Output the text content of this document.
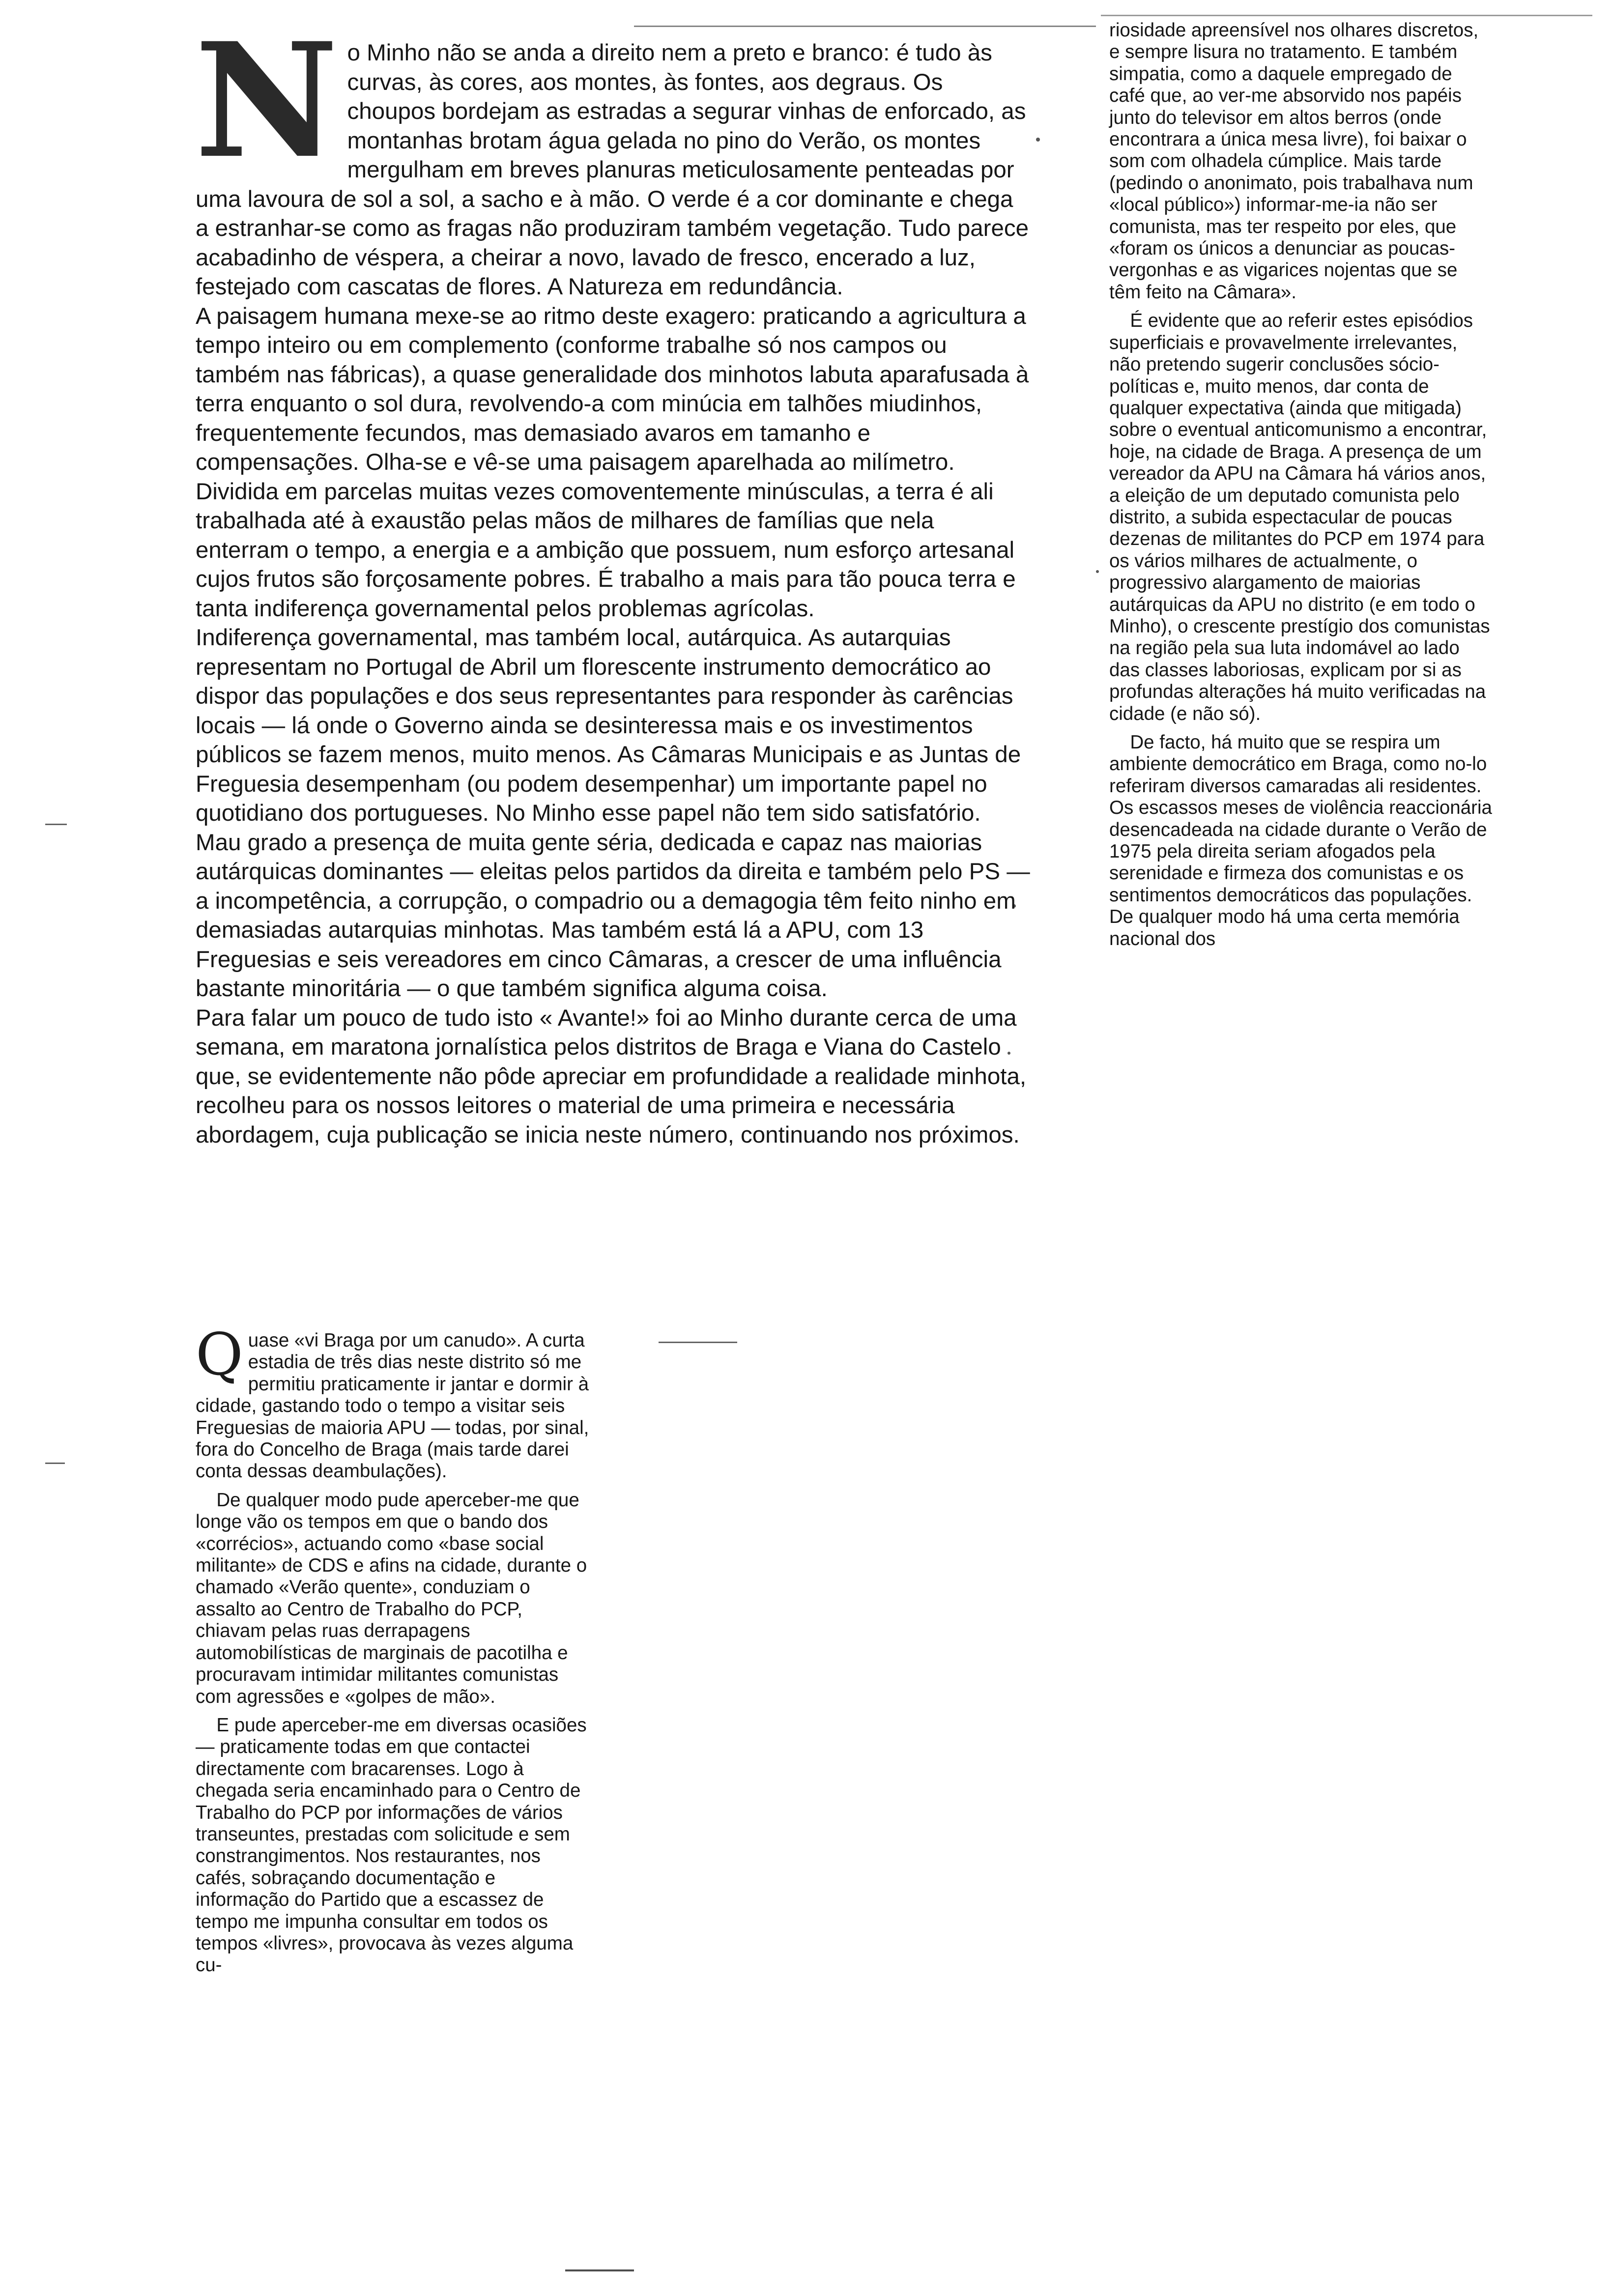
N o Minho não se anda a direito nem a preto e branco: é tudo às curvas, às cores, aos montes, às fontes, aos degraus. Os choupos bordejam as estradas a segurar vinhas de enforcado, as montanhas brotam água gelada no pino do Verão, os montes mergulham em breves planuras meticulosamente penteadas por uma lavoura de sol a sol, a sacho e à mão. O verde é a cor dominante e chega a estranhar-se como as fragas não produziram também vegetação. Tudo parece acabadinho de véspera, a cheirar a novo, lavado de fresco, encerado a luz, festejado com cascatas de flores. A Natureza em redundância.

A paisagem humana mexe-se ao ritmo deste exagero: praticando a agricultura a tempo inteiro ou em complemento (conforme trabalhe só nos campos ou também nas fábricas), a quase generalidade dos minhotos labuta aparafusada à terra enquanto o sol dura, revolvendo-a com minúcia em talhões miudinhos, frequentemente fecundos, mas demasiado avaros em tamanho e compensações. Olha-se e vê-se uma paisagem aparelhada ao milímetro. Dividida em parcelas muitas vezes comoventemente minúsculas, a terra é ali trabalhada até à exaustão pelas mãos de milhares de famílias que nela enterram o tempo, a energia e a ambição que possuem, num esforço artesanal cujos frutos são forçosamente pobres. É trabalho a mais para tão pouca terra e tanta indiferença governamental pelos problemas agrícolas.

Indiferença governamental, mas também local, autárquica. As autarquias representam no Portugal de Abril um florescente instrumento democrático ao dispor das populações e dos seus representantes para responder às carências locais — lá onde o Governo ainda se desinteressa mais e os investimentos públicos se fazem menos, muito menos. As Câmaras Municipais e as Juntas de Freguesia desempenham (ou podem desempenhar) um importante papel no quotidiano dos portugueses. No Minho esse papel não tem sido satisfatório. Mau grado a presença de muita gente séria, dedicada e capaz nas maiorias autárquicas dominantes — eleitas pelos partidos da direita e também pelo PS — a incompetência, a corrupção, o compadrio ou a demagogia têm feito ninho em demasiadas autarquias minhotas. Mas também está lá a APU, com 13 Freguesias e seis vereadores em cinco Câmaras, a crescer de uma influência bastante minoritária — o que também significa alguma coisa.

Para falar um pouco de tudo isto « Avante!» foi ao Minho durante cerca de uma semana, em maratona jornalística pelos distritos de Braga e Viana do Castelo que, se evidentemente não pôde apreciar em profundidade a realidade minhota, recolheu para os nossos leitores o material de uma primeira e necessária abordagem, cuja publicação se inicia neste número, continuando nos próximos.

riosidade apreensível nos olhares discretos, e sempre lisura no tratamento. E também simpatia, como a daquele empregado de café que, ao ver-me absorvido nos papéis junto do televisor em altos berros (onde encontrara a única mesa livre), foi baixar o som com olhadela cúmplice. Mais tarde (pedindo o anonimato, pois trabalhava num «local público») informar-me-ia não ser comunista, mas ter respeito por eles, que «foram os únicos a denunciar as poucas-vergonhas e as vigarices nojentas que se têm feito na Câmara».

É evidente que ao referir estes episódios superficiais e provavelmente irrelevantes, não pretendo sugerir conclusões sócio-políticas e, muito menos, dar conta de qualquer expectativa (ainda que mitigada) sobre o eventual anticomunismo a encontrar, hoje, na cidade de Braga. A presença de um vereador da APU na Câmara há vários anos, a eleição de um deputado comunista pelo distrito, a subida espectacular de poucas dezenas de militantes do PCP em 1974 para os vários milhares de actualmente, o progressivo alargamento de maiorias autárquicas da APU no distrito (e em todo o Minho), o crescente prestígio dos comunistas na região pela sua luta indomável ao lado das classes laboriosas, explicam por si as profundas alterações há muito verificadas na cidade (e não só).

De facto, há muito que se respira um ambiente democrático em Braga, como no-lo referiram diversos camaradas ali residentes. Os escassos meses de violência reaccionária desencadeada na cidade durante o Verão de 1975 pela direita seriam afogados pela serenidade e firmeza dos comunistas e os sentimentos democráticos das populações. De qualquer modo há uma certa memória nacional dos

Q uase «vi Braga por um canudo». A curta estadia de três dias neste distrito só me permitiu praticamente ir jantar e dormir à cidade, gastando todo o tempo a visitar seis Freguesias de maioria APU — todas, por sinal, fora do Concelho de Braga (mais tarde darei conta dessas deambulações).

De qualquer modo pude aperceber-me que longe vão os tempos em que o bando dos «corrécios», actuando como «base social militante» de CDS e afins na cidade, durante o chamado «Verão quente», conduziam o assalto ao Centro de Trabalho do PCP, chiavam pelas ruas derrapagens automobilísticas de marginais de pacotilha e procuravam intimidar militantes comunistas com agressões e «golpes de mão».

E pude aperceber-me em diversas ocasiões — praticamente todas em que contactei directamente com bracarenses. Logo à chegada seria encaminhado para o Centro de Trabalho do PCP por informações de vários transeuntes, prestadas com solicitude e sem constrangimentos. Nos restaurantes, nos cafés, sobraçando documentação e informação do Partido que a escassez de tempo me impunha consultar em todos os tempos «livres», provocava às vezes alguma cu-
